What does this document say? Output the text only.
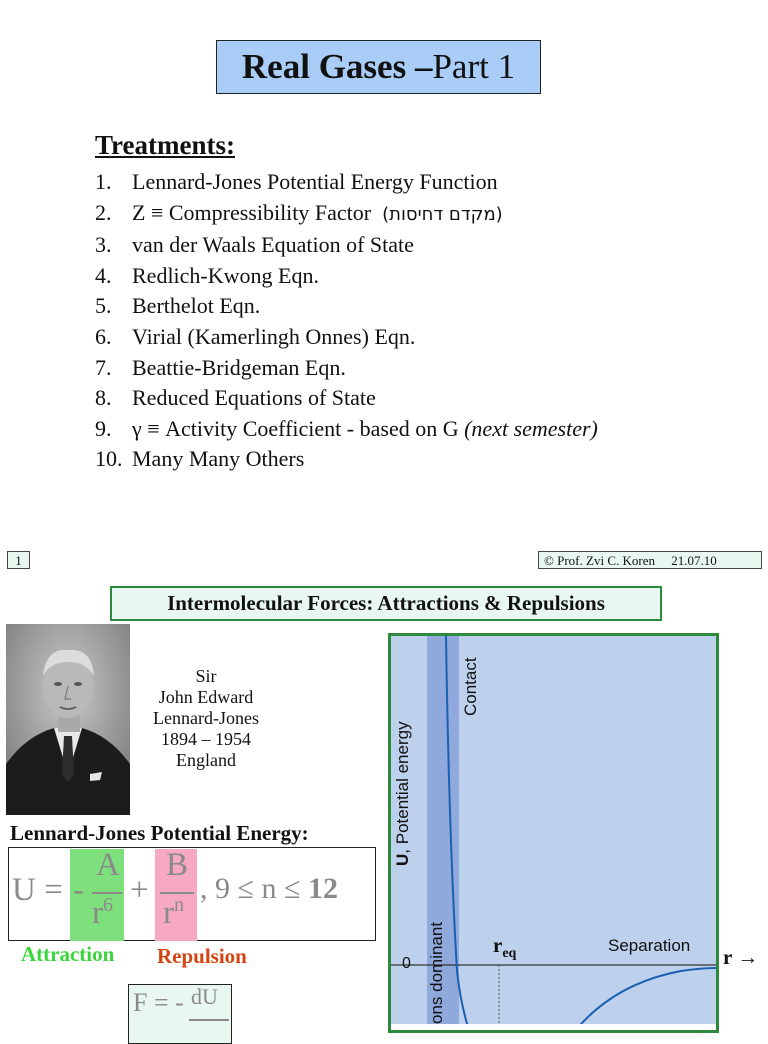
Real Gases – Part 1
Treatments:
1. Lennard-Jones Potential Energy Function
2. Z ≡ Compressibility Factor (מקדם דחיסות)
3. van der Waals Equation of State
4. Redlich-Kwong Eqn.
5. Berthelot Eqn.
6. Virial (Kamerlingh Onnes) Eqn.
7. Beattie-Bridgeman Eqn.
8. Reduced Equations of State
9. γ ≡ Activity Coefficient - based on G (next semester)
10. Many Many Others
1	© Prof. Zvi C. Koren 21.07.10
Intermolecular Forces: Attractions & Repulsions
Sir
John Edward
Lennard-Jones
1894 – 1954
England
Lennard-Jones Potential Energy:
U = -
A
$r^6$ +
B
$r^n$ , 9 ≤ n ≤ 12
Attraction Repulsion
F = - dU
U, Potential energy
Contact
ons dominant
0
$r_{eq}$	Separation r →
